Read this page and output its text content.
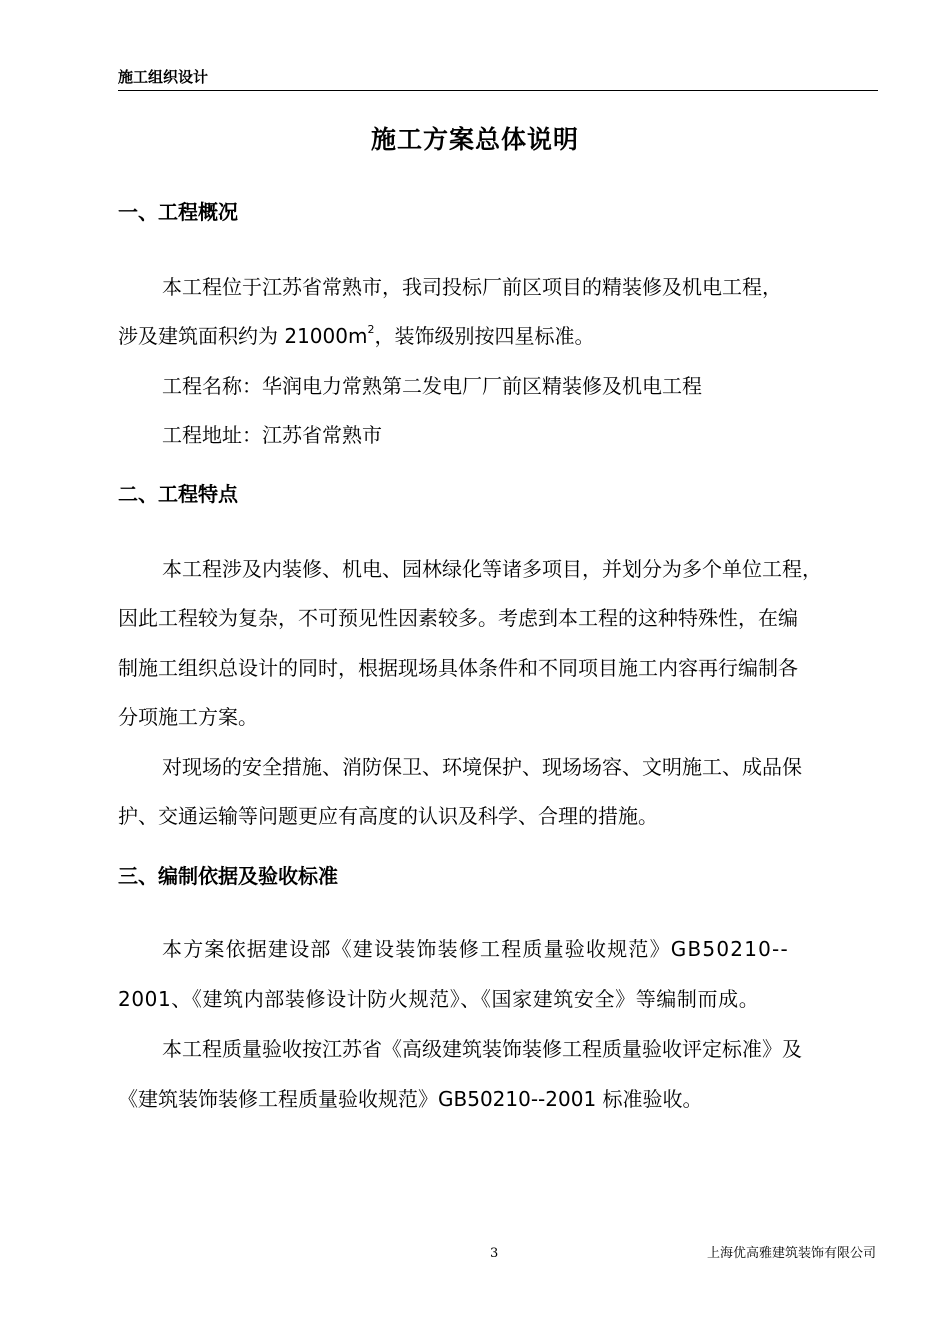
施工组织设计
施工方案总体说明
一、工程概况
本工程位于江苏省常熟市，我司投标厂前区项目的精装修及机电工程，
涉及建筑面积约为 $21000m^2$，装饰级别按四星标准。
工程名称：华润电力常熟第二发电厂厂前区精装修及机电工程
工程地址：江苏省常熟市
二、工程特点
本工程涉及内装修、机电、园林绿化等诸多项目，并划分为多个单位工程，
因此工程较为复杂，不可预见性因素较多。考虑到本工程的这种特殊性，在编
制施工组织总设计的同时，根据现场具体条件和不同项目施工内容再行编制各
分项施工方案。
对现场的安全措施、消防保卫、环境保护、现场场容、文明施工、成品保
护、交通运输等问题更应有高度的认识及科学、合理的措施。
三、编制依据及验收标准
本方案依据建设部《建设装饰装修工程质量验收规范》GB50210--
2001、《建筑内部装修设计防火规范》、《国家建筑安全》等编制而成。
本工程质量验收按江苏省《高级建筑装饰装修工程质量验收评定标准》及
《建筑装饰装修工程质量验收规范》GB50210--2001 标准验收。
3	上海优高雅建筑装饰有限公司
